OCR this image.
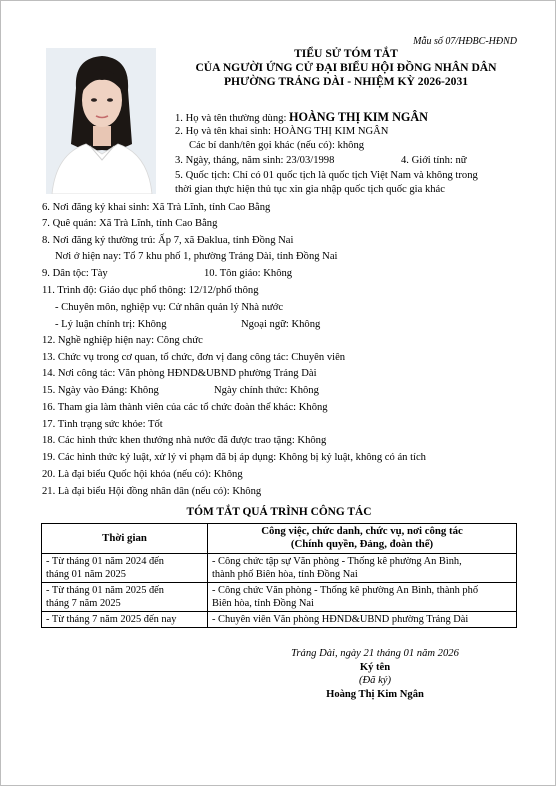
Mẫu số 07/HĐBC-HĐND
TIỂU SỬ TÓM TẮT
CỦA NGƯỜI ỨNG CỬ ĐẠI BIỂU HỘI ĐỒNG NHÂN DÂN
PHƯỜNG TRẢNG DÀI - NHIỆM KỲ 2026-2031
1. Họ và tên thường dùng: HOÀNG THỊ KIM NGÂN
2. Họ và tên khai sinh: HOÀNG THỊ KIM NGÂN
Các bí danh/tên gọi khác (nếu có): không
3. Ngày, tháng, năm sinh: 23/03/1998	4. Giới tính: nữ
5. Quốc tịch: Chỉ có 01 quốc tịch là quốc tịch Việt Nam và không trong
thời gian thực hiện thủ tục xin gia nhập quốc tịch quốc gia khác
6. Nơi đăng ký khai sinh: Xã Trà Lĩnh, tỉnh Cao Bằng
7. Quê quán: Xã Trà Lĩnh, tỉnh Cao Bằng
8. Nơi đăng ký thường trú: Ấp 7, xã Đaklua, tỉnh Đồng Nai
Nơi ở hiện nay: Tổ 7 khu phố 1, phường Trảng Dài, tỉnh Đồng Nai
9. Dân tộc: Tày	10. Tôn giáo: Không
11. Trình độ: Giáo dục phổ thông: 12/12/phổ thông
- Chuyên môn, nghiệp vụ: Cử nhân quản lý Nhà nước
- Lý luận chính trị: Không	Ngoại ngữ: Không
12. Nghề nghiệp hiện nay: Công chức
13. Chức vụ trong cơ quan, tổ chức, đơn vị đang công tác: Chuyên viên
14. Nơi công tác: Văn phòng HĐND&UBND phường Trảng Dài
15. Ngày vào Đảng: Không	Ngày chính thức: Không
16. Tham gia làm thành viên của các tổ chức đoàn thể khác: Không
17. Tình trạng sức khỏe: Tốt
18. Các hình thức khen thưởng nhà nước đã được trao tặng: Không
19. Các hình thức kỷ luật, xử lý vi phạm đã bị áp dụng: Không bị kỷ luật, không có án tích
20. Là đại biểu Quốc hội khóa (nếu có): Không
21. Là đại biểu Hội đồng nhân dân (nếu có): Không
TÓM TẮT QUÁ TRÌNH CÔNG TÁC
Thời gian	Công việc, chức danh, chức vụ, nơi công tác
(Chính quyền, Đảng, đoàn thể)

- Từ tháng 01 năm 2024 đến
tháng 01 năm 2025	- Công chức tập sự Văn phòng - Thống kê phường An Bình,
thành phố Biên hòa, tỉnh Đồng Nai

- Từ tháng 01 năm 2025 đến
tháng 7 năm 2025	- Công chức Văn phòng - Thống kê phường An Bình, thành phố
Biên hòa, tỉnh Đồng Nai

- Từ tháng 7 năm 2025 đến nay	- Chuyên viên Văn phòng HĐND&UBND phường Trảng Dài
Trảng Dài, ngày 21 tháng 01 năm 2026
Ký tên
(Đã ký)
Hoàng Thị Kim Ngân
